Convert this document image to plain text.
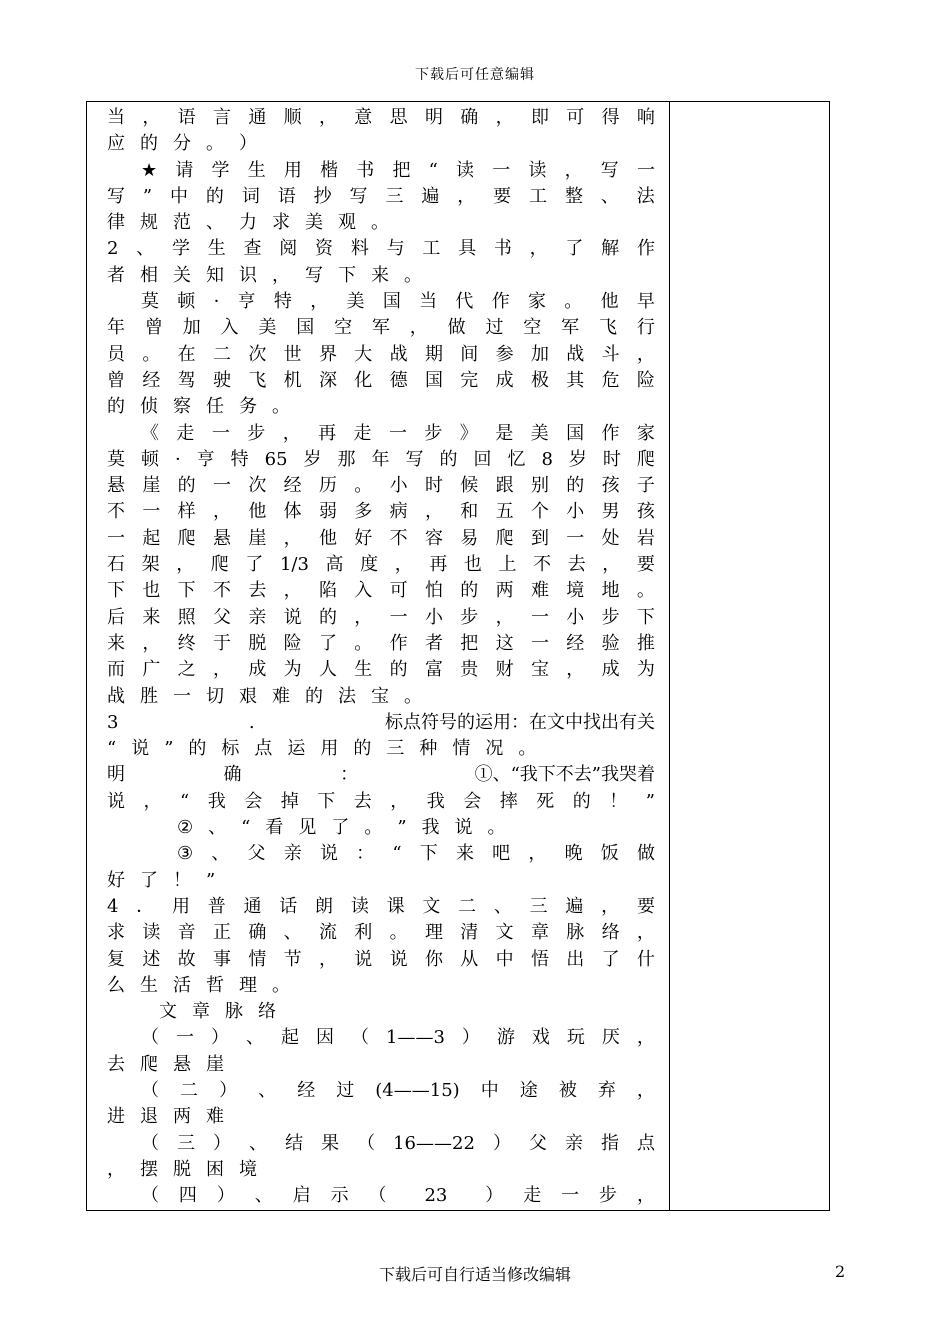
下载后可任意编辑
当 ， 语 言 通 顺 ， 意 思 明 确 ， 即 可 得 响
应 的 分 。 ）
★ 请 学 生 用 楷 书 把 “ 读 一 读 ， 写 一
写 ” 中 的 词 语 抄 写 三 遍 ， 要 工 整 、 法
律 规 范 、 力 求 美 观 。
2 、 学 生 查 阅 资 料 与 工 具 书 ， 了 解 作
者 相 关 知 识 ， 写 下 来 。
莫 顿 · 亨 特 ， 美 国 当 代 作 家 。 他 早
年 曾 加 入 美 国 空 军 ， 做 过 空 军 飞 行
员 。 在 二 次 世 界 大 战 期 间 参 加 战 斗 ，
曾 经 驾 驶 飞 机 深 化 德 国 完 成 极 其 危 险
的 侦 察 任 务 。
《 走 一 步 ， 再 走 一 步 》 是 美 国 作 家
莫 顿 · 亨 特 65 岁 那 年 写 的 回 忆 8 岁 时 爬
悬 崖 的 一 次 经 历 。 小 时 候 跟 别 的 孩 子
不 一 样 ， 他 体 弱 多 病 ， 和 五 个 小 男 孩
一 起 爬 悬 崖 ， 他 好 不 容 易 爬 到 一 处 岩
石 架 ， 爬 了 1/3 高 度 ， 再 也 上 不 去 ， 要
下 也 下 不 去 ， 陷 入 可 怕 的 两 难 境 地 。
后 来 照 父 亲 说 的 ， 一 小 步 ， 一 小 步 下
来 ， 终 于 脱 险 了 。 作 者 把 这 一 经 验 推
而 广 之 ， 成 为 人 生 的 富 贵 财 宝 ， 成 为
战 胜 一 切 艰 难 的 法 宝 。
3	.	标点符号的运用：在文中找出有关
“ 说 ” 的 标 点 运 用 的 三 种 情 况 。
明	确	：	　①、“我下不去”我哭着
说 ， “ 我 会 掉 下 去 ， 我 会 摔 死 的 ！ ”
② 、 “ 看 见 了 。 ” 我 说 。
③ 、 父 亲 说 ： “ 下 来 吧 ， 晚 饭 做
好 了 ！ ”
4 ． 用 普 通 话 朗 读 课 文 二 、 三 遍 ， 要
求 读 音 正 确 、 流 利 。 理 清 文 章 脉 络 ，
复 述 故 事 情 节 ， 说 说 你 从 中 悟 出 了 什
么 生 活 哲 理 。
文 章 脉 络
（ 一 ） 、 起 因 （ 1——3 ） 游 戏 玩 厌 ，
去 爬 悬 崖
（ 二 ） 、 经 过 (4——15) 中 途 被 弃 ，
进 退 两 难
（ 三 ） 、 结 果 （ 16——22 ） 父 亲 指 点
， 摆 脱 困 境
（ 四 ） 、 启 示 （ 　23　 ） 走 一 步 ，
下载后可自行适当修改编辑	2
